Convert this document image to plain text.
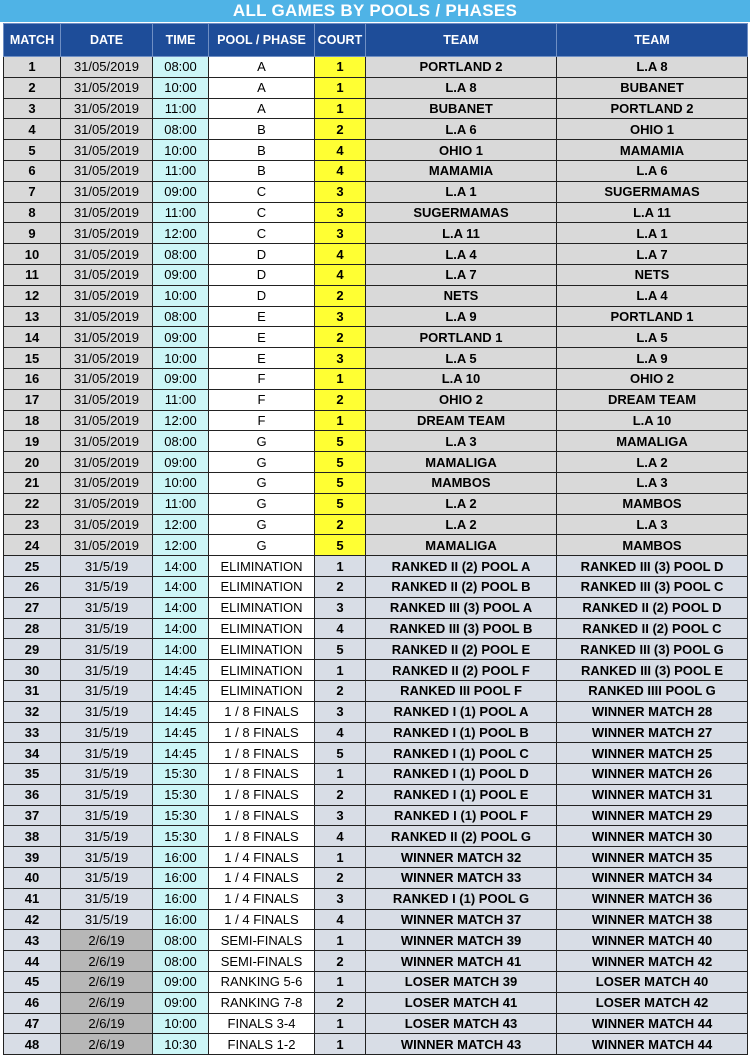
ALL GAMES BY POOLS / PHASES
MATCH	DATE	TIME	POOL / PHASE	COURT	TEAM	TEAM
1	31/05/2019	08:00	A	1	PORTLAND 2	L.A 8
2	31/05/2019	10:00	A	1	L.A 8	BUBANET
3	31/05/2019	11:00	A	1	BUBANET	PORTLAND 2
4	31/05/2019	08:00	B	2	L.A 6	OHIO 1
5	31/05/2019	10:00	B	4	OHIO 1	MAMAMIA
6	31/05/2019	11:00	B	4	MAMAMIA	L.A 6
7	31/05/2019	09:00	C	3	L.A 1	SUGERMAMAS
8	31/05/2019	11:00	C	3	SUGERMAMAS	L.A 11
9	31/05/2019	12:00	C	3	L.A 11	L.A 1
10	31/05/2019	08:00	D	4	L.A 4	L.A 7
11	31/05/2019	09:00	D	4	L.A 7	NETS
12	31/05/2019	10:00	D	2	NETS	L.A 4
13	31/05/2019	08:00	E	3	L.A 9	PORTLAND 1
14	31/05/2019	09:00	E	2	PORTLAND 1	L.A 5
15	31/05/2019	10:00	E	3	L.A 5	L.A 9
16	31/05/2019	09:00	F	1	L.A 10	OHIO 2
17	31/05/2019	11:00	F	2	OHIO 2	DREAM TEAM
18	31/05/2019	12:00	F	1	DREAM TEAM	L.A 10
19	31/05/2019	08:00	G	5	L.A 3	MAMALIGA
20	31/05/2019	09:00	G	5	MAMALIGA	L.A 2
21	31/05/2019	10:00	G	5	MAMBOS	L.A 3
22	31/05/2019	11:00	G	5	L.A 2	MAMBOS
23	31/05/2019	12:00	G	2	L.A 2	L.A 3
24	31/05/2019	12:00	G	5	MAMALIGA	MAMBOS
25	31/5/19	14:00	ELIMINATION	1	RANKED II (2) POOL A	RANKED III (3) POOL D
26	31/5/19	14:00	ELIMINATION	2	RANKED II (2) POOL B	RANKED III (3) POOL C
27	31/5/19	14:00	ELIMINATION	3	RANKED III (3) POOL A	RANKED II (2) POOL D
28	31/5/19	14:00	ELIMINATION	4	RANKED III (3) POOL B	RANKED II (2) POOL C
29	31/5/19	14:00	ELIMINATION	5	RANKED II (2) POOL E	RANKED III (3) POOL G
30	31/5/19	14:45	ELIMINATION	1	RANKED II (2) POOL F	RANKED III (3) POOL E
31	31/5/19	14:45	ELIMINATION	2	RANKED III POOL F	RANKED IIII POOL G
32	31/5/19	14:45	1 / 8 FINALS	3	RANKED I (1) POOL A	WINNER MATCH 28
33	31/5/19	14:45	1 / 8 FINALS	4	RANKED I (1) POOL B	WINNER MATCH 27
34	31/5/19	14:45	1 / 8 FINALS	5	RANKED I (1) POOL C	WINNER MATCH 25
35	31/5/19	15:30	1 / 8 FINALS	1	RANKED I (1) POOL D	WINNER MATCH 26
36	31/5/19	15:30	1 / 8 FINALS	2	RANKED I (1) POOL E	WINNER MATCH 31
37	31/5/19	15:30	1 / 8 FINALS	3	RANKED I (1) POOL F	WINNER MATCH 29
38	31/5/19	15:30	1 / 8 FINALS	4	RANKED II (2) POOL G	WINNER MATCH 30
39	31/5/19	16:00	1 / 4 FINALS	1	WINNER MATCH 32	WINNER MATCH 35
40	31/5/19	16:00	1 / 4 FINALS	2	WINNER MATCH 33	WINNER MATCH 34
41	31/5/19	16:00	1 / 4 FINALS	3	RANKED I (1) POOL G	WINNER MATCH 36
42	31/5/19	16:00	1 / 4 FINALS	4	WINNER MATCH 37	WINNER MATCH 38
43	2/6/19	08:00	SEMI-FINALS	1	WINNER MATCH 39	WINNER MATCH 40
44	2/6/19	08:00	SEMI-FINALS	2	WINNER MATCH 41	WINNER MATCH 42
45	2/6/19	09:00	RANKING 5-6	1	LOSER MATCH 39	LOSER MATCH 40
46	2/6/19	09:00	RANKING 7-8	2	LOSER MATCH 41	LOSER MATCH 42
47	2/6/19	10:00	FINALS 3-4	1	LOSER MATCH 43	WINNER MATCH 44
48	2/6/19	10:30	FINALS 1-2	1	WINNER MATCH 43	WINNER MATCH 44
